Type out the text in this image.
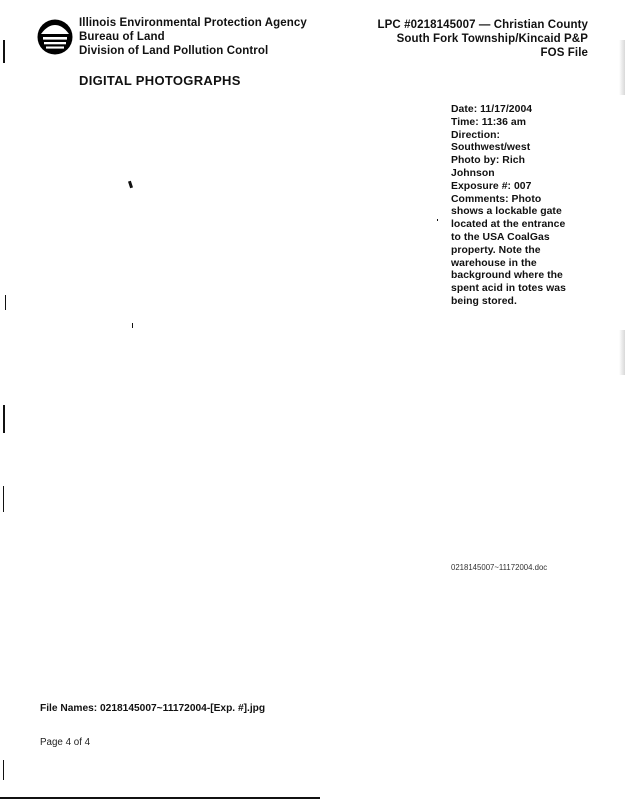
Illinois Environmental Protection Agency
Bureau of Land
Division of Land Pollution Control
LPC #0218145007 — Christian County
South Fork Township/Kincaid P&P
FOS File
DIGITAL PHOTOGRAPHS

Date: 11/17/2004

Time: 11:36 am

Direction:

Southwest/west

Photo by: Rich

Johnson

Exposure #: 007

Comments: Photo

shows a lockable gate

located at the entrance

to the USA CoalGas

property. Note the

warehouse in the

background where the

spent acid in totes was

being stored.

0218145007~11172004.doc
File Names: 0218145007~11172004-[Exp. #].jpg
Page 4 of 4
